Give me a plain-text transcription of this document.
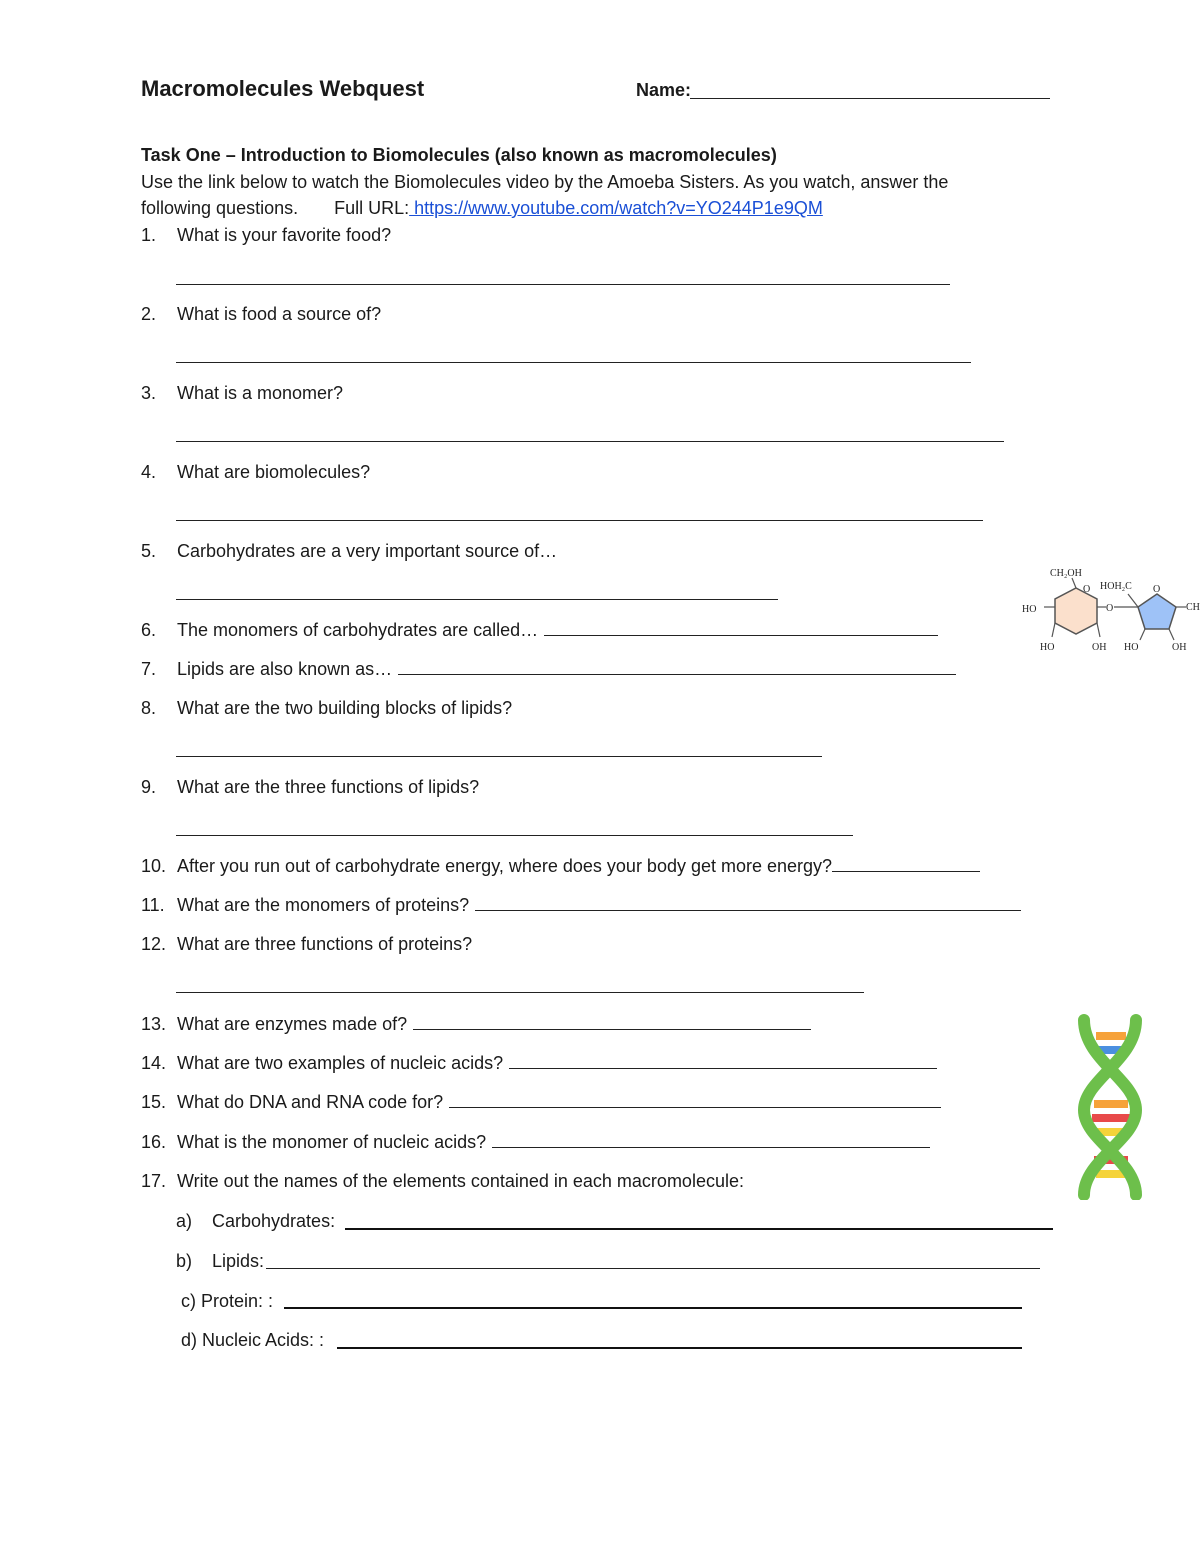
Macromolecules Webquest	Name:
Task One – Introduction to Biomolecules (also known as macromolecules)
Use the link below to watch the Biomolecules video by the Amoeba Sisters. As you watch, answer the
following questions. Full URL: https://www.youtube.com/watch?v=YO244P1e9QM
1. What is your favorite food?
2. What is food a source of?
3. What is a monomer?
4. What are biomolecules?
5. Carbohydrates are a very important source of…
6. The monomers of carbohydrates are called…
7. Lipids are also known as…
8. What are the two building blocks of lipids?
9. What are the three functions of lipids?
10. After you run out of carbohydrate energy, where does your body get more energy?
11. What are the monomers of proteins?
12. What are three functions of proteins?
13. What are enzymes made of?
14. What are two examples of nucleic acids?
15. What do DNA and RNA code for?
16. What is the monomer of nucleic acids?
17. Write out the names of the elements contained in each macromolecule:
a) Carbohydrates:
b) Lipids:
c) Protein: :
d) Nucleic Acids: :
CH₂OH
O
HO	O
HOH₂C O
CH
HO	OH HO	OH
